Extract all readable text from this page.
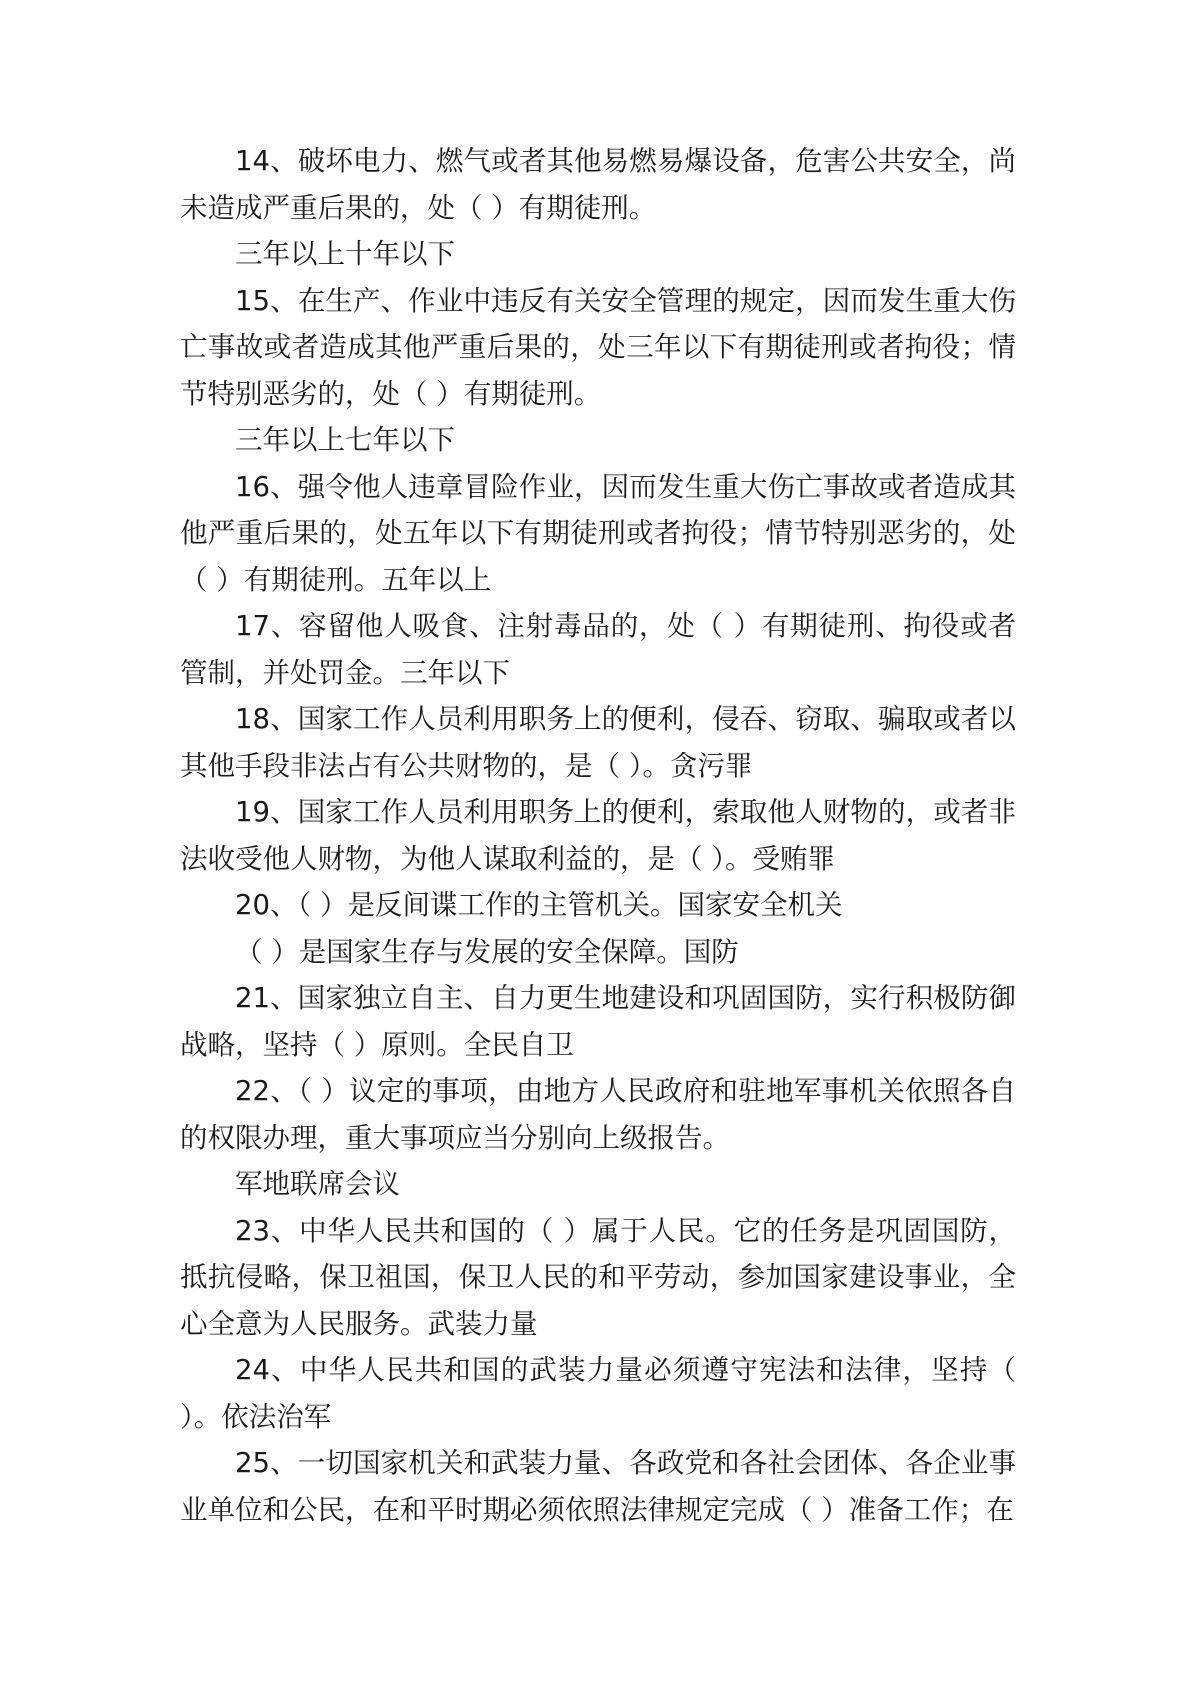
14、破坏电力、燃气或者其他易燃易爆设备，危害公共安全，尚未造成严重后果的，处（ ）有期徒刑。

三年以上十年以下

15、在生产、作业中违反有关安全管理的规定，因而发生重大伤亡事故或者造成其他严重后果的，处三年以下有期徒刑或者拘役；情节特别恶劣的，处（ ）有期徒刑。

三年以上七年以下

16、强令他人违章冒险作业，因而发生重大伤亡事故或者造成其他严重后果的，处五年以下有期徒刑或者拘役；情节特别恶劣的，处（ ）有期徒刑。五年以上

17、容留他人吸食、注射毒品的，处（ ）有期徒刑、拘役或者管制，并处罚金。三年以下

18、国家工作人员利用职务上的便利，侵吞、窃取、骗取或者以其他手段非法占有公共财物的，是（ ）。贪污罪

19、国家工作人员利用职务上的便利，索取他人财物的，或者非法收受他人财物，为他人谋取利益的，是（ ）。受贿罪

20、（ ）是反间谍工作的主管机关。国家安全机关

（ ）是国家生存与发展的安全保障。国防

21、国家独立自主、自力更生地建设和巩固国防，实行积极防御战略，坚持（ ）原则。全民自卫

22、（ ）议定的事项，由地方人民政府和驻地军事机关依照各自的权限办理，重大事项应当分别向上级报告。

军地联席会议

23、中华人民共和国的（ ）属于人民。它的任务是巩固国防，抵抗侵略，保卫祖国，保卫人民的和平劳动，参加国家建设事业，全心全意为人民服务。武装力量

24、中华人民共和国的武装力量必须遵守宪法和法律，坚持（ ）。依法治军

25、一切国家机关和武装力量、各政党和各社会团体、各企业事业单位和公民，在和平时期必须依照法律规定完成（ ）准备工作；在
